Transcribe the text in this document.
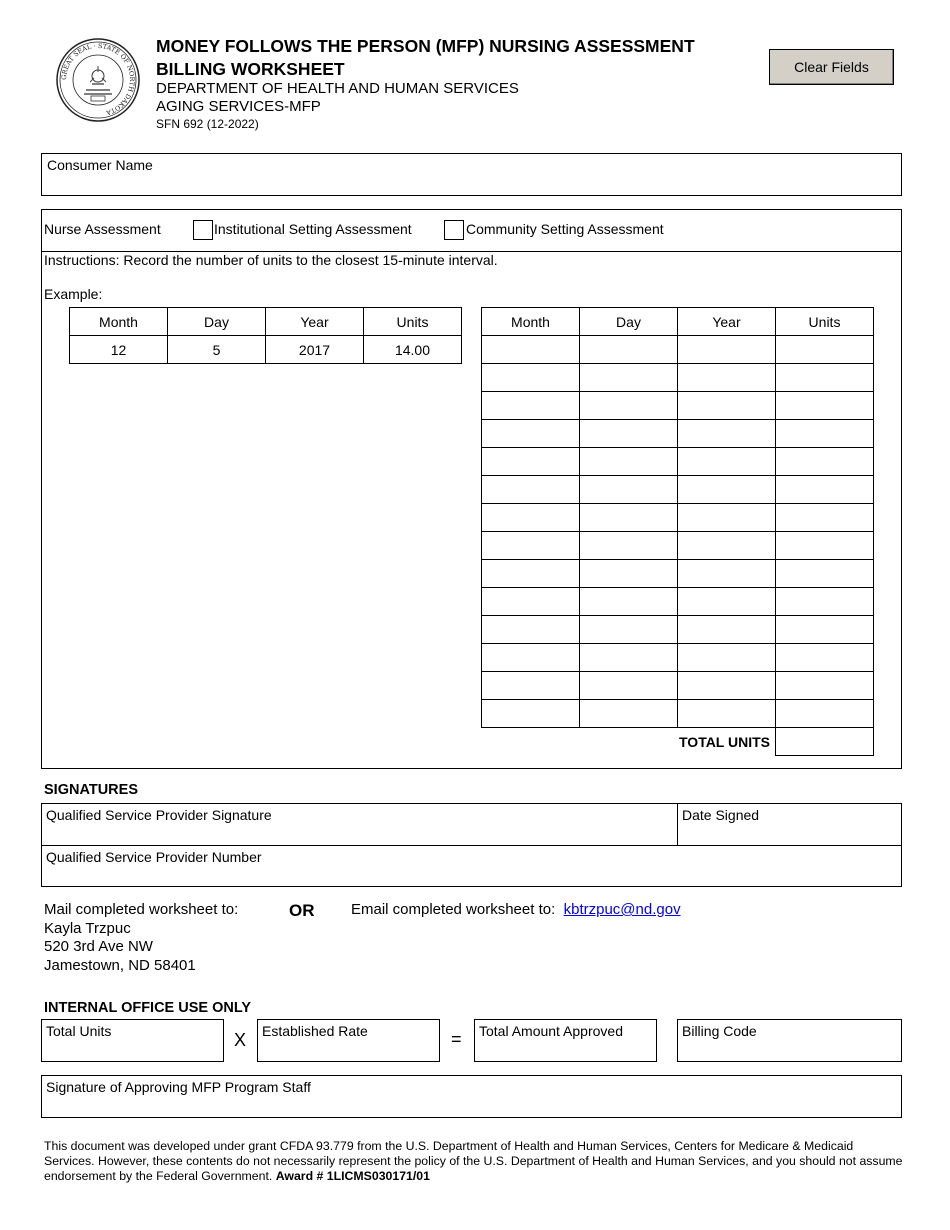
GREAT SEAL · STATE OF NORTH DAKOTA
MONEY FOLLOWS THE PERSON (MFP) NURSING ASSESSMENT
BILLING WORKSHEET
DEPARTMENT OF HEALTH AND HUMAN SERVICES
AGING SERVICES-MFP
SFN 692 (12-2022)
Clear Fields
Consumer Name
Nurse Assessment	Institutional Setting Assessment	Community Setting Assessment
Instructions: Record the number of units to the closest 15-minute interval.
Example:
Month	Day	Year	Units
12	5	2017	14.00
Month	Day	Year	Units

		TOTAL UNITS	
SIGNATURES
Qualified Service Provider Signature	Date Signed
Qualified Service Provider Number
Mail completed worksheet to:
Kayla Trzpuc
520 3rd Ave NW
Jamestown, ND 58401
OR Email completed worksheet to: kbtrzpuc@nd.gov
INTERNAL OFFICE USE ONLY
Total Units	X Established Rate	= Total Amount Approved	Billing Code
Signature of Approving MFP Program Staff
This document was developed under grant CFDA 93.779 from the U.S. Department of Health and Human Services, Centers for Medicare & Medicaid Services. However, these contents do not necessarily represent the policy of the U.S. Department of Health and Human Services, and you should not assume endorsement by the Federal Government. Award # 1LICMS030171/01
